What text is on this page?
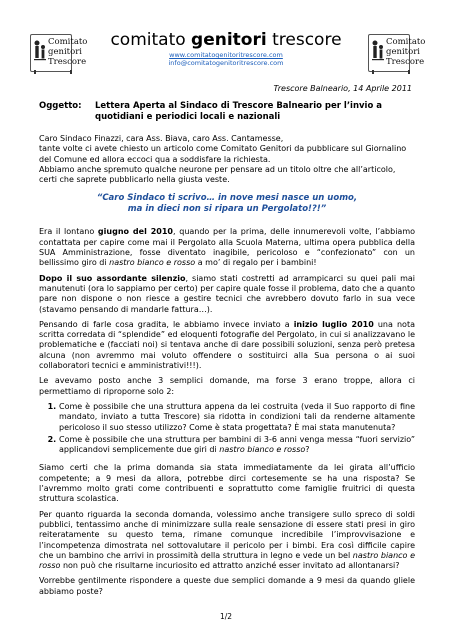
Comitato
genitori
Trescore
Comitato
genitori
Trescore
comitato genitori trescore
www.comitatogenitoritrescore.com
info@comitatogenitoritrescore.com
Trescore Balneario, 14 Aprile 2011
Oggetto: Lettera Aperta al Sindaco di Trescore Balneario per l’invio a quotidiani e periodici locali e nazionali
Caro Sindaco Finazzi, cara Ass. Biava, caro Ass. Cantamesse,
tante volte ci avete chiesto un articolo come Comitato Genitori da pubblicare sul Giornalino del Comune ed allora eccoci qua a soddisfare la richiesta.
Abbiamo anche spremuto qualche neurone per pensare ad un titolo oltre che all’articolo, certi che saprete pubblicarlo nella giusta veste.
“Caro Sindaco ti scrivo… in nove mesi nasce un uomo,
ma in dieci non si ripara un Pergolato!?!”

Era il lontano giugno del 2010, quando per la prima, delle innumerevoli volte, l’abbiamo contattata per capire come mai il Pergolato alla Scuola Materna, ultima opera pubblica della SUA Amministrazione, fosse diventato inagibile, pericoloso e “confezionato” con un bellissimo giro di nastro bianco e rosso a mo’ di regalo per i bambini!

Dopo il suo assordante silenzio, siamo stati costretti ad arrampicarci su quei pali mai manutenuti (ora lo sappiamo per certo) per capire quale fosse il problema, dato che a quanto pare non dispone o non riesce a gestire tecnici che avrebbero dovuto farlo in sua vece (stavamo pensando di mandarle fattura…).

Pensando di farle cosa gradita, le abbiamo invece inviato a inizio luglio 2010 una nota scritta corredata di “splendide” ed eloquenti fotografie del Pergolato, in cui si analizzavano le problematiche e (facciati noi) si tentava anche di dare possibili soluzioni, senza però pretesa alcuna (non avremmo mai voluto offendere o sostituirci alla Sua persona o ai suoi collaboratori tecnici e amministrativi!!!).

Le avevamo posto anche 3 semplici domande, ma forse 3 erano troppe, allora ci permettiamo di riproporne solo 2:

1. Come è possibile che una struttura appena da lei costruita (veda il Suo rapporto di fine mandato, inviato a tutta Trescore) sia ridotta in condizioni tali da renderne altamente pericoloso il suo stesso utilizzo? Come è stata progettata? È mai stata manutenuta?
2. Come è possibile che una struttura per bambini di 3-6 anni venga messa “fuori servizio” applicandovi semplicemente due giri di nastro bianco e rosso?

Siamo certi che la prima domanda sia stata immediatamente da lei girata all’ufficio competente; a 9 mesi da allora, potrebbe dirci cortesemente se ha una risposta? Se l’avremmo molto grati come contribuenti e soprattutto come famiglie fruitrici di questa struttura scolastica.

Per quanto riguarda la seconda domanda, volessimo anche transigere sullo spreco di soldi pubblici, tentassimo anche di minimizzare sulla reale sensazione di essere stati presi in giro reiteratamente su questo tema, rimane comunque incredibile l’improvvisazione e l’incompetenza dimostrata nel sottovalutare il pericolo per i bimbi. Era così difficile capire che un bambino che arrivi in prossimità della struttura in legno e vede un bel nastro bianco e rosso non può che risultarne incuriosito ed attratto anziché esser invitato ad allontanarsi?

Vorrebbe gentilmente rispondere a queste due semplici domande a 9 mesi da quando gliele abbiamo poste?

1/2
